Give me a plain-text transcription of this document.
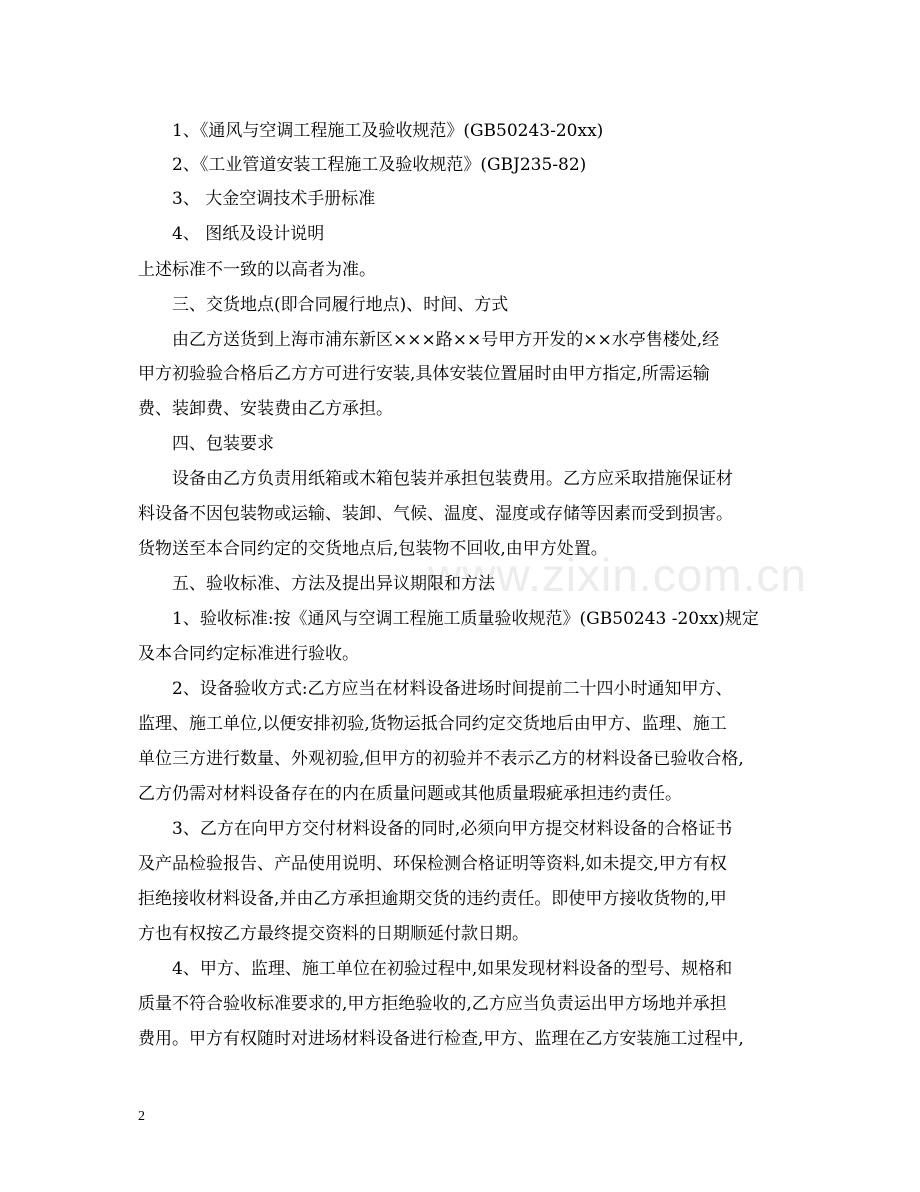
www.zixin.com.cn
1、《通风与空调工程施工及验收规范》(GB50243-20xx)
2、《工业管道安装工程施工及验收规范》(GBJ235-82)
3、 大金空调技术手册标准
4、 图纸及设计说明
上述标准不一致的以高者为准。
三、交货地点(即合同履行地点)、时间、方式
由乙方送货到上海市浦东新区×××路××号甲方开发的××水亭售楼处,经
甲方初验验合格后乙方方可进行安装,具体安装位置届时由甲方指定,所需运输
费、装卸费、安装费由乙方承担。
四、包装要求
设备由乙方负责用纸箱或木箱包装并承担包装费用。乙方应采取措施保证材
料设备不因包装物或运输、装卸、气候、温度、湿度或存储等因素而受到损害。
货物送至本合同约定的交货地点后,包装物不回收,由甲方处置。
五、验收标准、方法及提出异议期限和方法
1、验收标准:按《通风与空调工程施工质量验收规范》(GB50243 -20xx)规定
及本合同约定标准进行验收。
2、设备验收方式:乙方应当在材料设备进场时间提前二十四小时通知甲方、
监理、施工单位,以便安排初验,货物运抵合同约定交货地后由甲方、监理、施工
单位三方进行数量、外观初验,但甲方的初验并不表示乙方的材料设备已验收合格,
乙方仍需对材料设备存在的内在质量问题或其他质量瑕疵承担违约责任。
3、乙方在向甲方交付材料设备的同时,必须向甲方提交材料设备的合格证书
及产品检验报告、产品使用说明、环保检测合格证明等资料,如未提交,甲方有权
拒绝接收材料设备,并由乙方承担逾期交货的违约责任。即使甲方接收货物的,甲
方也有权按乙方最终提交资料的日期顺延付款日期。
4、甲方、监理、施工单位在初验过程中,如果发现材料设备的型号、规格和
质量不符合验收标准要求的,甲方拒绝验收的,乙方应当负责运出甲方场地并承担
费用。甲方有权随时对进场材料设备进行检查,甲方、监理在乙方安装施工过程中,
2
